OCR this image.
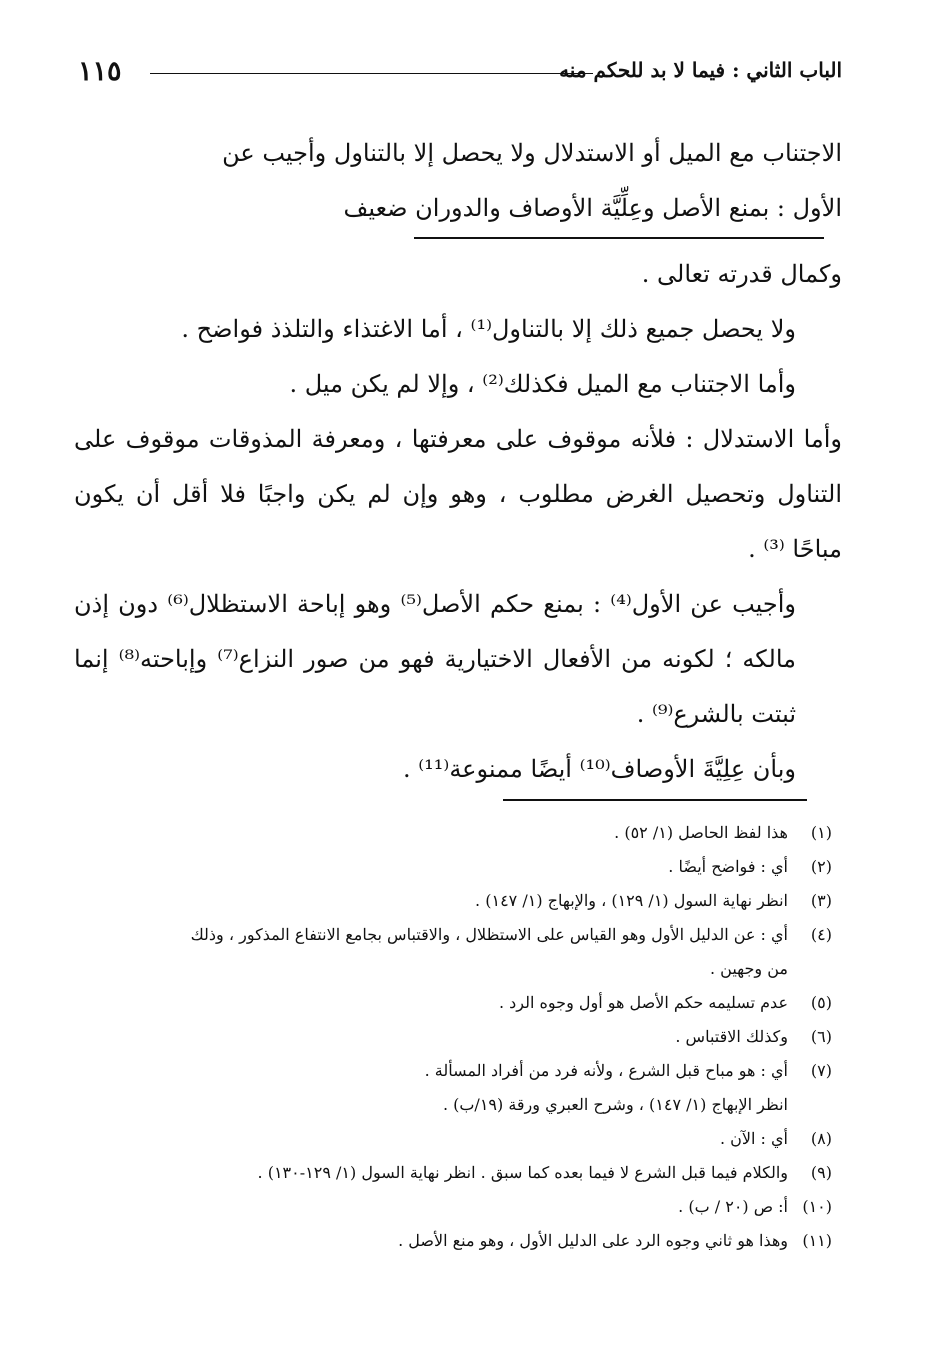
١١٥	الباب الثاني : فيما لا بد للحكم منه

الاجتناب مع الميل أو الاستدلال ولا يحصل إلا بالتناول وأجيب عن

الأول : بمنع الأصل وعِلِّيَّة الأوصاف والدوران ضعيف

وكمال قدرته تعالى .

ولا يحصل جميع ذلك إلا بالتناول⁽¹⁾ ، أما الاغتذاء والتلذذ فواضح .

وأما الاجتناب مع الميل فكذلك⁽²⁾ ، وإلا لم يكن ميل .

وأما الاستدلال : فلأنه موقوف على معرفتها ، ومعرفة المذوقات موقوف على التناول وتحصيل الغرض مطلوب ، وهو وإن لم يكن واجبًا فلا أقل أن يكون مباحًا ⁽³⁾ .

وأجيب عن الأول⁽⁴⁾ : بمنع حكم الأصل⁽⁵⁾ وهو إباحة الاستظلال⁽⁶⁾ دون إذن مالكه ؛ لكونه من الأفعال الاختيارية فهو من صور النزاع⁽⁷⁾ وإباحته⁽⁸⁾ إنما ثبتت بالشرع⁽⁹⁾ .

وبأن عِلِيَّةَ الأوصاف⁽¹⁰⁾ أيضًا ممنوعة⁽¹¹⁾ .

(١)
هذا لفظ الحاصل (١/ ٥٢) .
(٢)
أي : فواضح أيضًا .
(٣)
انظر نهاية السول (١/ ١٢٩) ، والإبهاج (١/ ١٤٧) .
(٤)
أي : عن الدليل الأول وهو القياس على الاستظلال ، والاقتباس بجامع الانتفاع المذكور ، وذلك
من وجهين .
(٥)
عدم تسليمه حكم الأصل هو أول وجوه الرد .
(٦)
وكذلك الاقتباس .
(٧)
أي : هو مباح قبل الشرع ، ولأنه فرد من أفراد المسألة .
انظر الإبهاج (١/ ١٤٧) ، وشرح العبري ورقة (١٩/ب) .
(٨)
أي : الآن .
(٩)
والكلام فيما قبل الشرع لا فيما بعده كما سبق . انظر نهاية السول (١/ ١٢٩-١٣٠) .
(١٠)
أ: ص (٢٠ / ب) .
(١١)
وهذا هو ثاني وجوه الرد على الدليل الأول ، وهو منع الأصل .
